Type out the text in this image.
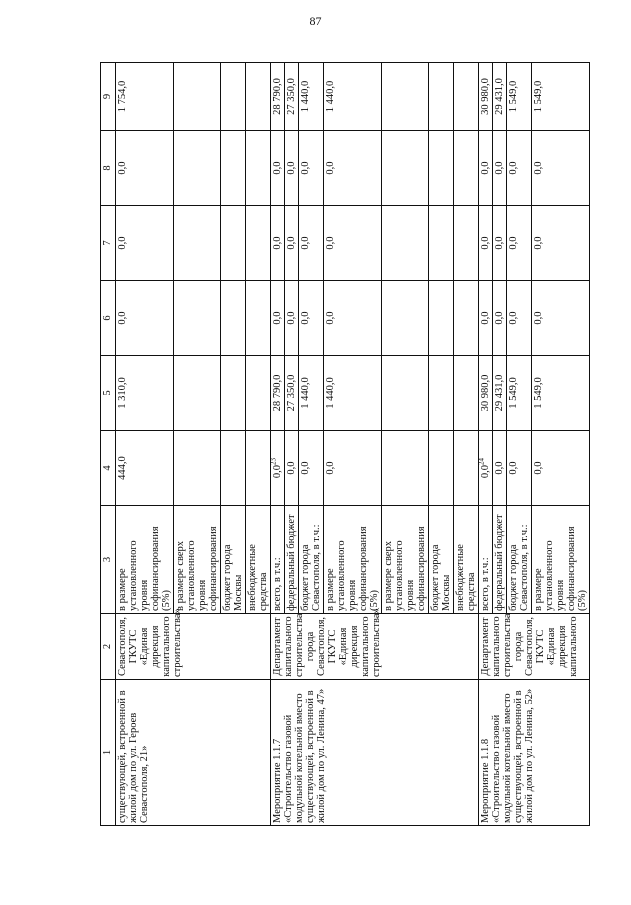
87
1	2	3	4	5	6	7	8	9
существующей, встроенной в жилой дом по ул. Героев Севастополя, 21»	Севастополя, ГКУТС «Единая дирекция капитального строительства»	в размере установленного уровня софинансирования (5%)	444,0	1 310,0	0,0	0,0	0,0	1 754,0
		в размере сверх установленного уровня софинансирования						
		бюджет города Москвы						
		внебюджетные средства						
Мероприятие 1.1.7 «Строительство газовой модульной котельной вместо существующей, встроенной в жилой дом по ул. Ленина, 47»	Департамент капитального строительства города Севастополя, ГКУТС «Единая дирекция капитального строительства»	всего, в т.ч.:	$0,0^{23}$	28 790,0	0,0	0,0	0,0	28 790,0
		федеральный бюджет	0,0	27 350,0	0,0	0,0	0,0	27 350,0
		бюджет города Севастополя, в т.ч.:	0,0	1 440,0	0,0	0,0	0,0	1 440,0
		в размере установленного уровня софинансирования (5%)	0,0	1 440,0	0,0	0,0	0,0	1 440,0
		в размере сверх установленного уровня софинансирования						
		бюджет города Москвы						
		внебюджетные средства						
Мероприятие 1.1.8 «Строительство газовой модульной котельной вместо существующей, встроенной в жилой дом по ул. Ленина, 52»	Департамент капитального строительства города Севастополя, ГКУТС «Единая дирекция капитального	всего, в т.ч.:	$0,0^{24}$	30 980,0	0,0	0,0	0,0	30 980,0
		федеральный бюджет	0,0	29 431,0	0,0	0,0	0,0	29 431,0
		бюджет города Севастополя, в т.ч.:	0,0	1 549,0	0,0	0,0	0,0	1 549,0
		в размере установленного уровня софинансирования (5%)	0,0	1 549,0	0,0	0,0	0,0	1 549,0
